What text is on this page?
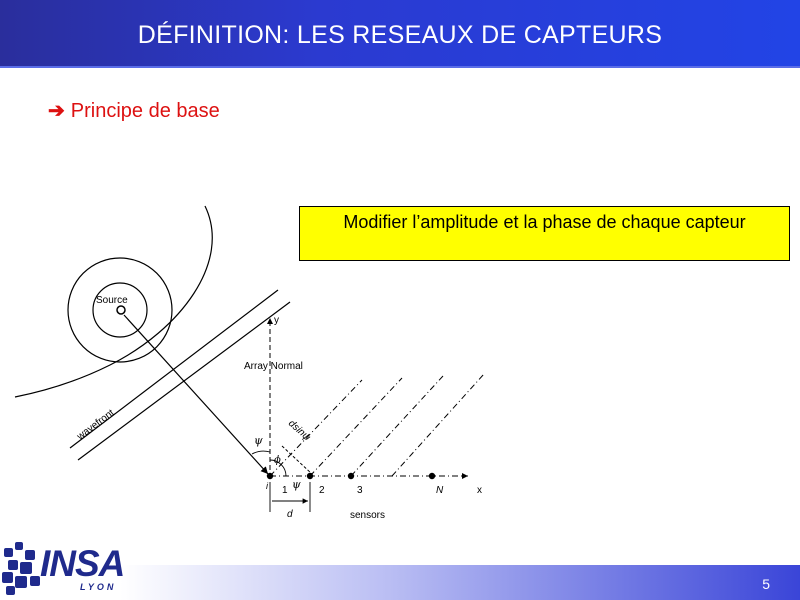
DÉFINITION: LES RESEAUX DE CAPTEURS
➔ Principe de base
Modifier l’amplitude et la phase de chaque capteur
Source
wavefront
y
Array Normal
x
dsinψ
ψ
ϕ
ψ
i 1	2	3	N
d	sensors
5
INSA
LYON
